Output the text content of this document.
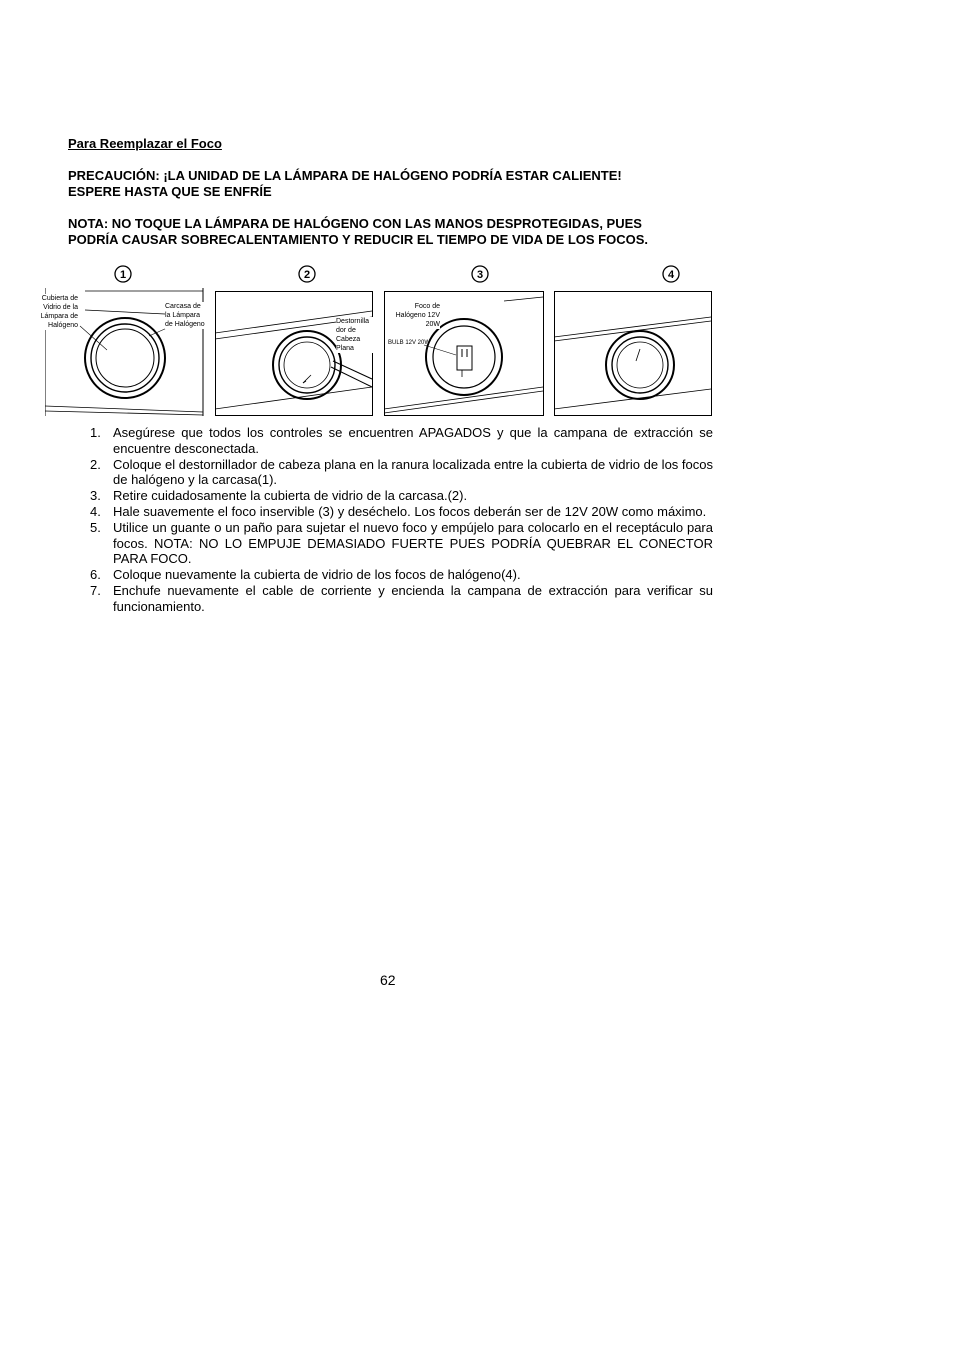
Para Reemplazar el Foco
PRECAUCIÓN: ¡LA UNIDAD DE LA LÁMPARA DE HALÓGENO PODRÍA ESTAR CALIENTE!
ESPERE HASTA QUE SE ENFRÍE
NOTA: NO TOQUE LA LÁMPARA DE HALÓGENO CON LAS MANOS DESPROTEGIDAS, PUES
PODRÍA CAUSAR SOBRECALENTAMIENTO Y REDUCIR EL TIEMPO DE VIDA DE LOS FOCOS.
1	2	3	4
Cubierta de Vidrio de la Lámpara de Halógeno
Carcasa de la Lámpara de Halógeno	Destornilla dor de Cabeza Plana
Foco de Halógeno 12V 20W
BULB 12V 20W
1. Asegúrese que todos los controles se encuentren APAGADOS y que la campana de extracción se encuentre desconectada.
2. Coloque el destornillador de cabeza plana en la ranura localizada entre la cubierta de vidrio de los focos de halógeno y la carcasa(1).
3. Retire cuidadosamente la cubierta de vidrio de la carcasa.(2).
4. Hale suavemente el foco inservible (3) y deséchelo. Los focos deberán ser de 12V 20W como máximo.
5. Utilice un guante o un paño para sujetar el nuevo foco y empújelo para colocarlo en el receptáculo para focos. NOTA: NO LO EMPUJE DEMASIADO FUERTE PUES PODRÍA QUEBRAR EL CONECTOR PARA FOCO.
6. Coloque nuevamente la cubierta de vidrio de los focos de halógeno(4).
7. Enchufe nuevamente el cable de corriente y encienda la campana de extracción para verificar su funcionamiento.
62
